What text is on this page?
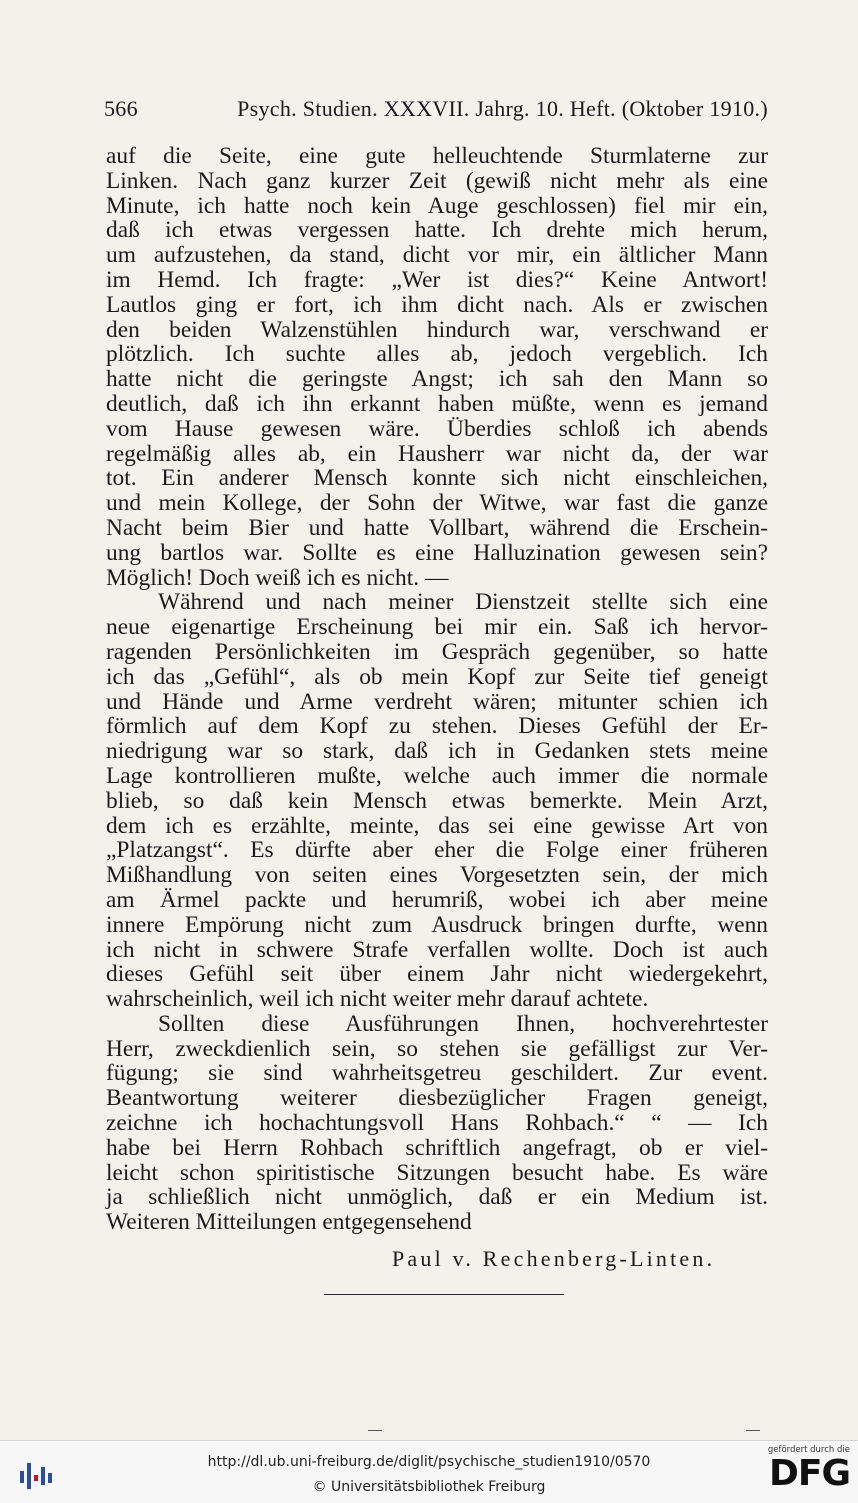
566	Psych. Studien. XXXVII. Jahrg. 10. Heft. (Oktober 1910.)
auf die Seite, eine gute helleuchtende Sturmlaterne zur
Linken. Nach ganz kurzer Zeit (gewiß nicht mehr als eine
Minute, ich hatte noch kein Auge geschlossen) fiel mir ein,
daß ich etwas vergessen hatte. Ich drehte mich herum,
um aufzustehen, da stand, dicht vor mir, ein ältlicher Mann
im Hemd. Ich fragte: „Wer ist dies?“ Keine Antwort!
Lautlos ging er fort, ich ihm dicht nach. Als er zwischen
den beiden Walzenstühlen hindurch war, verschwand er
plötzlich. Ich suchte alles ab, jedoch vergeblich. Ich
hatte nicht die geringste Angst; ich sah den Mann so
deutlich, daß ich ihn erkannt haben müßte, wenn es jemand
vom Hause gewesen wäre. Überdies schloß ich abends
regelmäßig alles ab, ein Hausherr war nicht da, der war
tot. Ein anderer Mensch konnte sich nicht einschleichen,
und mein Kollege, der Sohn der Witwe, war fast die ganze
Nacht beim Bier und hatte Vollbart, während die Erschein-
ung bartlos war. Sollte es eine Halluzination gewesen sein?
Möglich! Doch weiß ich es nicht. —
Während und nach meiner Dienstzeit stellte sich eine
neue eigenartige Erscheinung bei mir ein. Saß ich hervor-
ragenden Persönlichkeiten im Gespräch gegenüber, so hatte
ich das „Gefühl“, als ob mein Kopf zur Seite tief geneigt
und Hände und Arme verdreht wären; mitunter schien ich
förmlich auf dem Kopf zu stehen. Dieses Gefühl der Er-
niedrigung war so stark, daß ich in Gedanken stets meine
Lage kontrollieren mußte, welche auch immer die normale
blieb, so daß kein Mensch etwas bemerkte. Mein Arzt,
dem ich es erzählte, meinte, das sei eine gewisse Art von
„Platzangst“. Es dürfte aber eher die Folge einer früheren
Mißhandlung von seiten eines Vorgesetzten sein, der mich
am Ärmel packte und herumriß, wobei ich aber meine
innere Empörung nicht zum Ausdruck bringen durfte, wenn
ich nicht in schwere Strafe verfallen wollte. Doch ist auch
dieses Gefühl seit über einem Jahr nicht wiedergekehrt,
wahrscheinlich, weil ich nicht weiter mehr darauf achtete.
Sollten diese Ausführungen Ihnen, hochverehrtester
Herr, zweckdienlich sein, so stehen sie gefälligst zur Ver-
fügung; sie sind wahrheitsgetreu geschildert. Zur event.
Beantwortung weiterer diesbezüglicher Fragen geneigt,
zeichne ich hochachtungsvoll Hans Rohbach.“ “ — Ich
habe bei Herrn Rohbach schriftlich angefragt, ob er viel-
leicht schon spiritistische Sitzungen besucht habe. Es wäre
ja schließlich nicht unmöglich, daß er ein Medium ist.
Weiteren Mitteilungen entgegensehend
Paul v. Rechenberg-Linten.
http://dl.ub.uni-freiburg.de/diglit/psychische_studien1910/0570
© Universitätsbibliothek Freiburg
gefördert durch die
DFG
